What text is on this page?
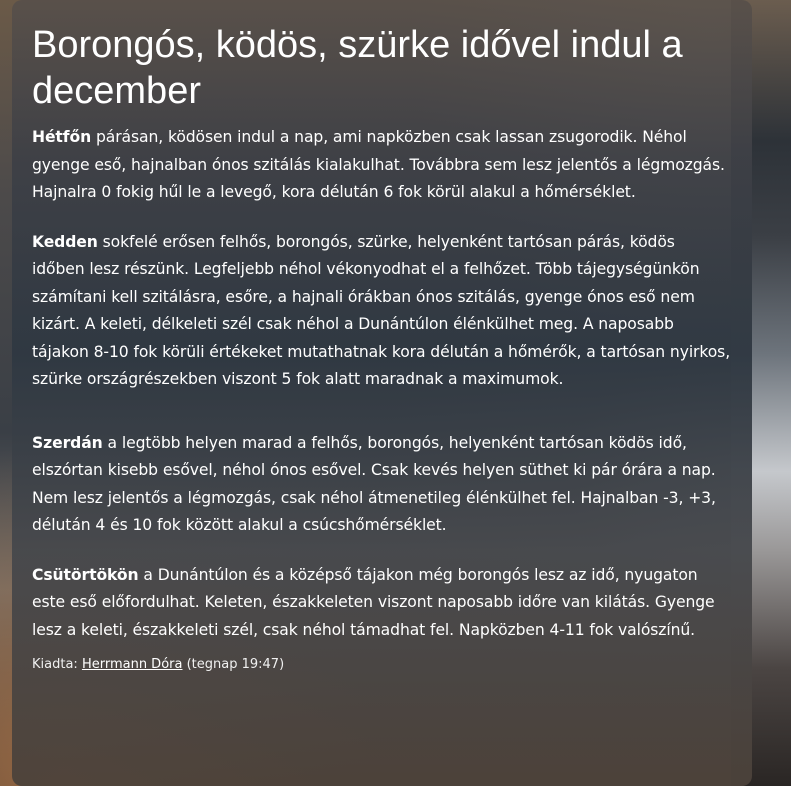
Borongós, ködös, szürke idővel indul a december

Hétfőn párásan, ködösen indul a nap, ami napközben csak lassan zsugorodik. Néhol gyenge eső, hajnalban ónos szitálás kialakulhat. Továbbra sem lesz jelentős a légmozgás. Hajnalra 0 fokig hűl le a levegő, kora délután 6 fok körül alakul a hőmérséklet.

Kedden sokfelé erősen felhős, borongós, szürke, helyenként tartósan párás, ködös időben lesz részünk. Legfeljebb néhol vékonyodhat el a felhőzet. Több tájegységünkön számítani kell szitálásra, esőre, a hajnali órákban ónos szitálás, gyenge ónos eső nem kizárt. A keleti, délkeleti szél csak néhol a Dunántúlon élénkülhet meg. A naposabb tájakon 8-10 fok körüli értékeket mutathatnak kora délután a hőmérők, a tartósan nyirkos, szürke országrészekben viszont 5 fok alatt maradnak a maximumok.

Szerdán a legtöbb helyen marad a felhős, borongós, helyenként tartósan ködös idő, elszórtan kisebb esővel, néhol ónos esővel. Csak kevés helyen süthet ki pár órára a nap. Nem lesz jelentős a légmozgás, csak néhol átmenetileg élénkülhet fel. Hajnalban -3, +3, délután 4 és 10 fok között alakul a csúcshőmérséklet.

Csütörtökön a Dunántúlon és a középső tájakon még borongós lesz az idő, nyugaton este eső előfordulhat. Keleten, északkeleten viszont naposabb időre van kilátás. Gyenge lesz a keleti, északkeleti szél, csak néhol támadhat fel. Napközben 4-11 fok valószínű.

Kiadta: Herrmann Dóra (tegnap 19:47)
